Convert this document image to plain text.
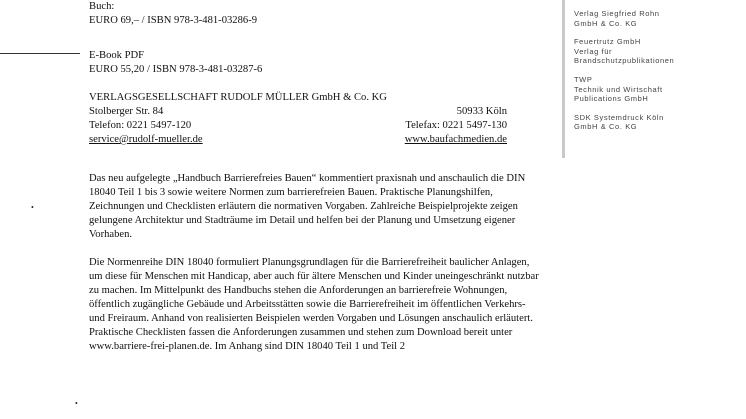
Buch:
EURO 69,– / ISBN 978-3-481-03286-9
E-Book PDF
EURO 55,20 / ISBN 978-3-481-03287-6
VERLAGSGESELLSCHAFT RUDOLF MÜLLER GmbH & Co. KG
Stolberger Str. 84	50933 Köln
Telefon: 0221 5497-120	Telefax: 0221 5497-130
service@rudolf-mueller.de	www.baufachmedien.de

Das neu aufgelegte „Handbuch Barrierefreies Bauen“ kommentiert praxisnah und anschaulich die DIN 18040 Teil 1 bis 3 sowie weitere Normen zum barrierefreien Bauen. Praktische Planungshilfen, Zeichnungen und Checklisten erläutern die normativen Vorgaben. Zahlreiche Beispielprojekte zeigen gelungene Architektur und Stadträume im Detail und helfen bei der Planung und Umsetzung eigener Vorhaben.

Die Normenreihe DIN 18040 formuliert Planungsgrundlagen für die Barrierefreiheit baulicher Anlagen, um diese für Menschen mit Handicap, aber auch für ältere Menschen und Kinder uneingeschränkt nutzbar zu machen. Im Mittelpunkt des Handbuchs stehen die Anforderungen an barrierefreie Wohnungen, öffentlich zugängliche Gebäude und Arbeitsstätten sowie die Barrierefreiheit im öffentlichen Verkehrs- und Freiraum. Anhand von realisierten Beispielen werden Vorgaben und Lösungen anschaulich erläutert. Praktische Checklisten fassen die Anforderungen zusammen und stehen zum Download bereit unter www.barriere-frei-planen.de. Im Anhang sind DIN 18040 Teil 1 und Teil 2

•
•
Verlag Siegfried Rohn
GmbH & Co. KG
Feuertrutz GmbH
Verlag für
Brandschutzpublikationen
TWP
Technik und Wirtschaft
Publications GmbH
SDK Systemdruck Köln
GmbH & Co. KG
